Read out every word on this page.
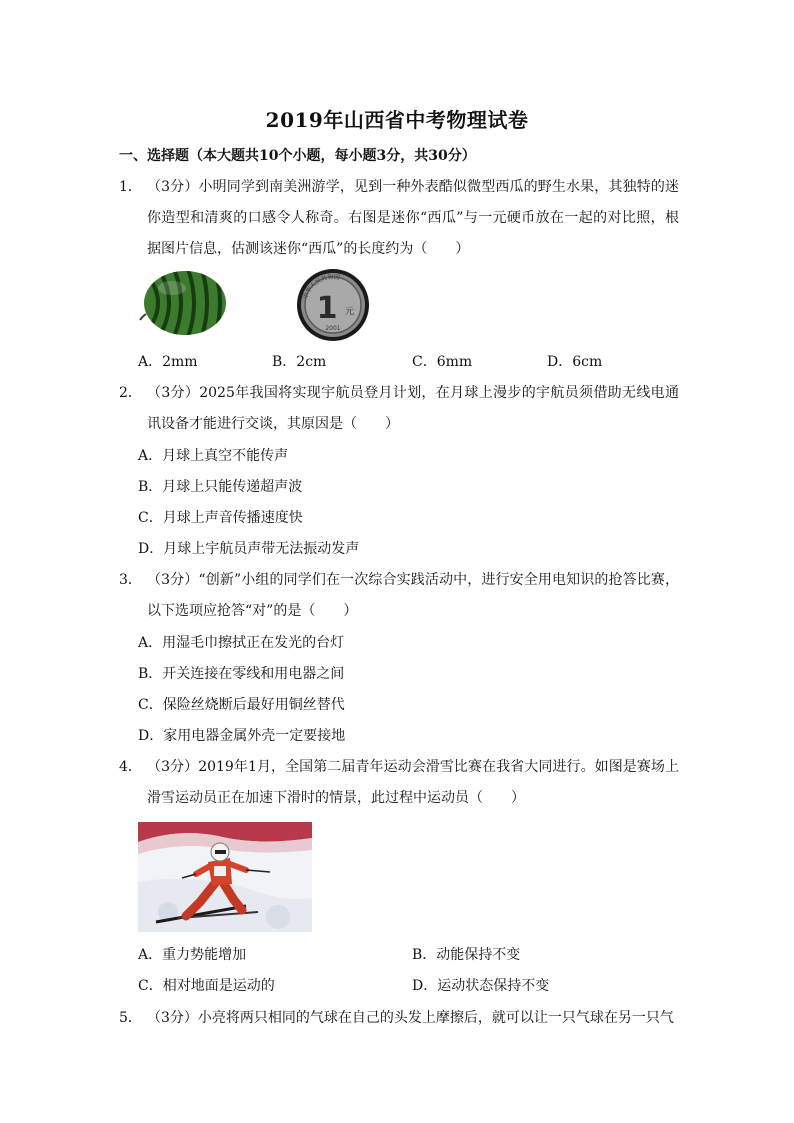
2019年山西省中考物理试卷
一、选择题（本大题共10个小题，每小题3分，共30分）
1． （3分）小明同学到南美洲游学，见到一种外表酷似微型西瓜的野生水果，其独特的迷你造型和清爽的口感令人称奇。右图是迷你“西瓜”与一元硬币放在一起的对比照，根据图片信息，估测该迷你“西瓜”的长度约为（　　）
中华人民共和国
1 元
2001
A．2mm	B．2cm	C．6mm	D．6cm
2． （3分）2025年我国将实现宇航员登月计划，在月球上漫步的宇航员须借助无线电通讯设备才能进行交谈，其原因是（　　）
A．月球上真空不能传声
B．月球上只能传递超声波
C．月球上声音传播速度快
D．月球上宇航员声带无法振动发声
3． （3分）“创新”小组的同学们在一次综合实践活动中，进行安全用电知识的抢答比赛，以下选项应抢答“对”的是（　　）
A．用湿毛巾擦拭正在发光的台灯
B．开关连接在零线和用电器之间
C．保险丝烧断后最好用铜丝替代
D．家用电器金属外壳一定要接地
4． （3分）2019年1月，全国第二届青年运动会滑雪比赛在我省大同进行。如图是赛场上滑雪运动员正在加速下滑时的情景，此过程中运动员（　　）
A．重力势能增加	B．动能保持不变
C．相对地面是运动的	D．运动状态保持不变
5． （3分）小亮将两只相同的气球在自己的头发上摩擦后，就可以让一只气球在另一只气
